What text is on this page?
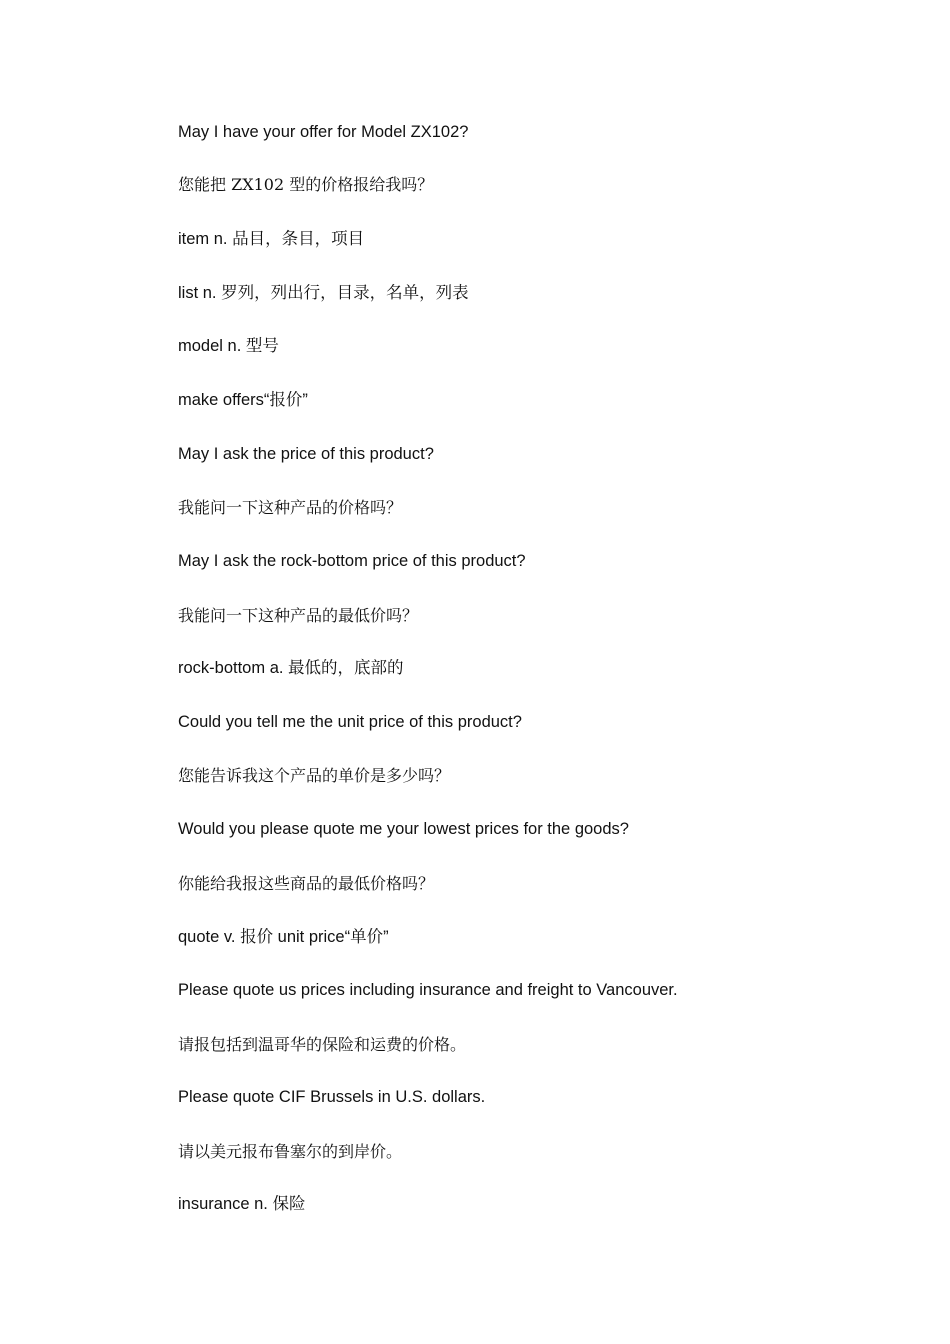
May I have your offer for Model ZX102?
您能把 ZX102 型的价格报给我吗？
item n. 品目，条目，项目
list n. 罗列，列出行，目录，名单，列表
model n. 型号
make offers“报价”
May I ask the price of this product?
我能问一下这种产品的价格吗？
May I ask the rock-bottom price of this product?
我能问一下这种产品的最低价吗？
rock-bottom a. 最低的，底部的
Could you tell me the unit price of this product?
您能告诉我这个产品的单价是多少吗？
Would you please quote me your lowest prices for the goods?
你能给我报这些商品的最低价格吗？
quote v. 报价 unit price“单价”
Please quote us prices including insurance and freight to Vancouver.
请报包括到温哥华的保险和运费的价格。
Please quote CIF Brussels in U.S. dollars.
请以美元报布鲁塞尔的到岸价。
insurance n. 保险
